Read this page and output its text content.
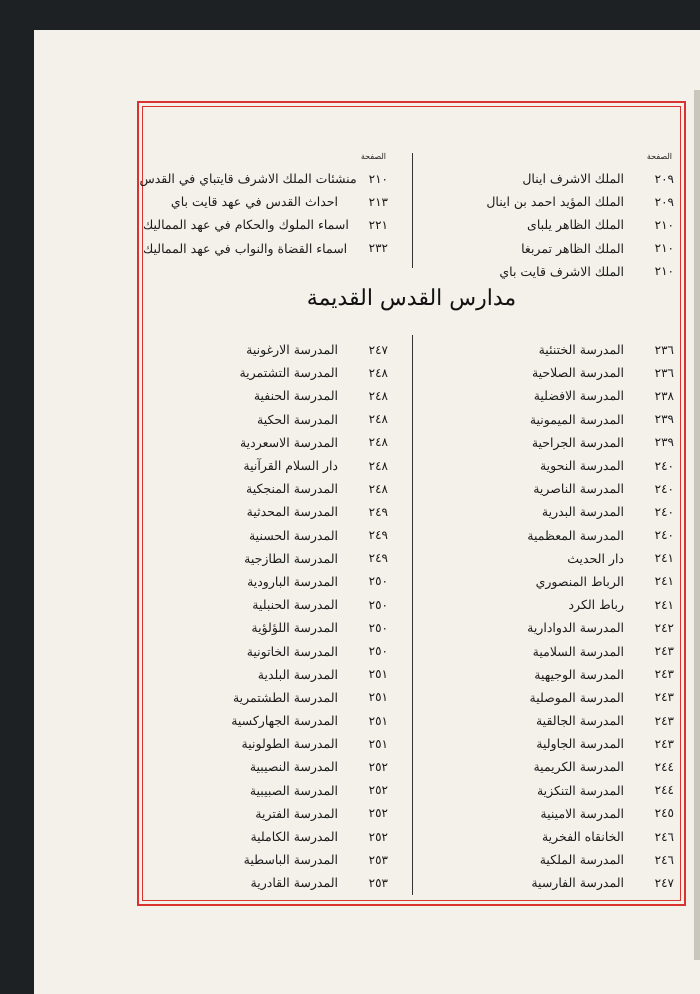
الصفحة
٢٠٩
الملك الاشرف اينال
٢٠٩
الملك المؤيد احمد بن اينال
٢١٠
الملك الظاهر يلباى
٢١٠
الملك الظاهر تمربغا
٢١٠
الملك الاشرف قايت باي
الصفحة
٢١٠
منشئات الملك الاشرف قايتباي في القدس
٢١٣
احداث القدس في عهد قايت باي
٢٢١
اسماء الملوك والحكام في عهد المماليك
٢٣٢
اسماء القضاة والنواب في عهد المماليك
مدارس القدس القديمة
٢٣٦
المدرسة الختنئية
٢٣٦
المدرسة الصلاحية
٢٣٨
المدرسة الافضلية
٢٣٩
المدرسة الميمونية
٢٣٩
المدرسة الجراحية
٢٤٠
المدرسة النحوية
٢٤٠
المدرسة الناصرية
٢٤٠
المدرسة البدرية
٢٤٠
المدرسة المعظمية
٢٤١
دار الحديث
٢٤١
الرباط المنصوري
٢٤١
رباط الكرد
٢٤٢
المدرسة الدوادارية
٢٤٣
المدرسة السلامية
٢٤٣
المدرسة الوجيهية
٢٤٣
المدرسة الموصلية
٢٤٣
المدرسة الجالقية
٢٤٣
المدرسة الجاولية
٢٤٤
المدرسة الكريمية
٢٤٤
المدرسة التنكزية
٢٤٥
المدرسة الامينية
٢٤٦
الخانقاه الفخرية
٢٤٦
المدرسة الملكية
٢٤٧
المدرسة الفارسية
٢٤٧
المدرسة الارغونية
٢٤٨
المدرسة التشتمرية
٢٤٨
المدرسة الحنفية
٢٤٨
المدرسة الحكية
٢٤٨
المدرسة الاسعردية
٢٤٨
دار السلام القرآنية
٢٤٨
المدرسة المنجكية
٢٤٩
المدرسة المحدثية
٢٤٩
المدرسة الحسنية
٢٤٩
المدرسة الطازجية
٢٥٠
المدرسة البارودية
٢٥٠
المدرسة الحنبلية
٢٥٠
المدرسة اللؤلؤية
٢٥٠
المدرسة الخاتونية
٢٥١
المدرسة البلدية
٢٥١
المدرسة الطشتمرية
٢٥١
المدرسة الجهاركسية
٢٥١
المدرسة الطولونية
٢٥٢
المدرسة النصيبية
٢٥٢
المدرسة الصبيبية
٢٥٢
المدرسة الفترية
٢٥٢
المدرسة الكاملية
٢٥٣
المدرسة الباسطية
٢٥٣
المدرسة القادرية
